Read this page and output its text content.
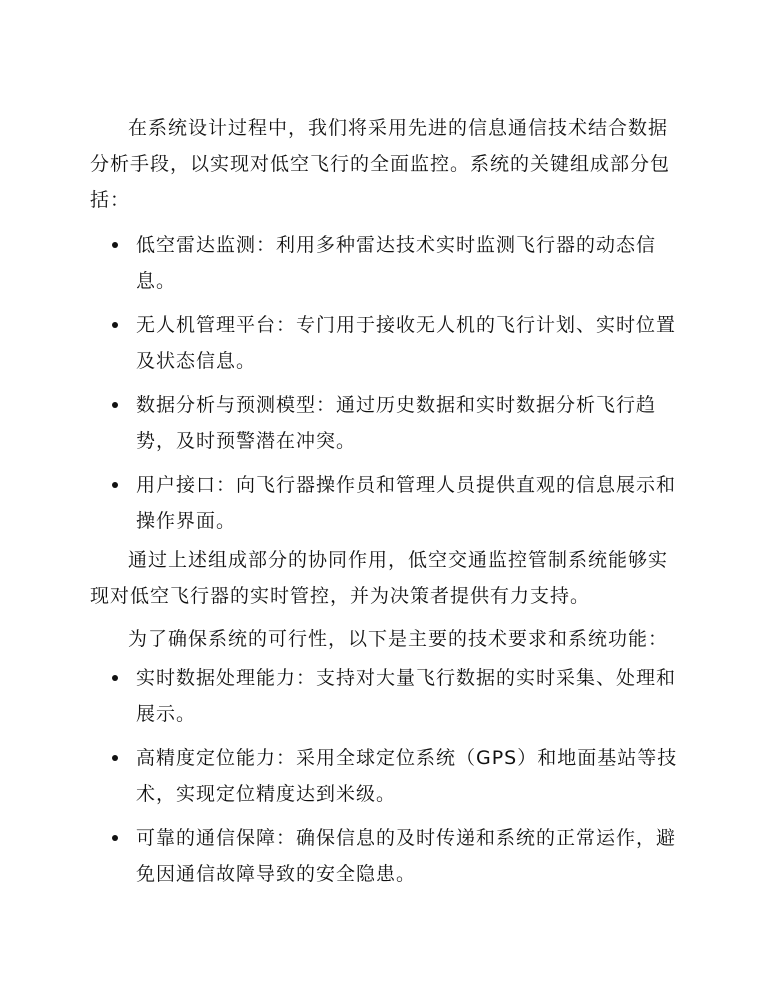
在系统设计过程中，我们将采用先进的信息通信技术结合数据分析手段，以实现对低空飞行的全面监控。系统的关键组成部分包括：

低空雷达监测：利用多种雷达技术实时监测飞行器的动态信息。
无人机管理平台：专门用于接收无人机的飞行计划、实时位置及状态信息。
数据分析与预测模型：通过历史数据和实时数据分析飞行趋势，及时预警潜在冲突。
用户接口：向飞行器操作员和管理人员提供直观的信息展示和操作界面。

通过上述组成部分的协同作用，低空交通监控管制系统能够实现对低空飞行器的实时管控，并为决策者提供有力支持。

为了确保系统的可行性，以下是主要的技术要求和系统功能：

实时数据处理能力：支持对大量飞行数据的实时采集、处理和展示。
高精度定位能力：采用全球定位系统（GPS）和地面基站等技术，实现定位精度达到米级。
可靠的通信保障：确保信息的及时传递和系统的正常运作，避免因通信故障导致的安全隐患。
